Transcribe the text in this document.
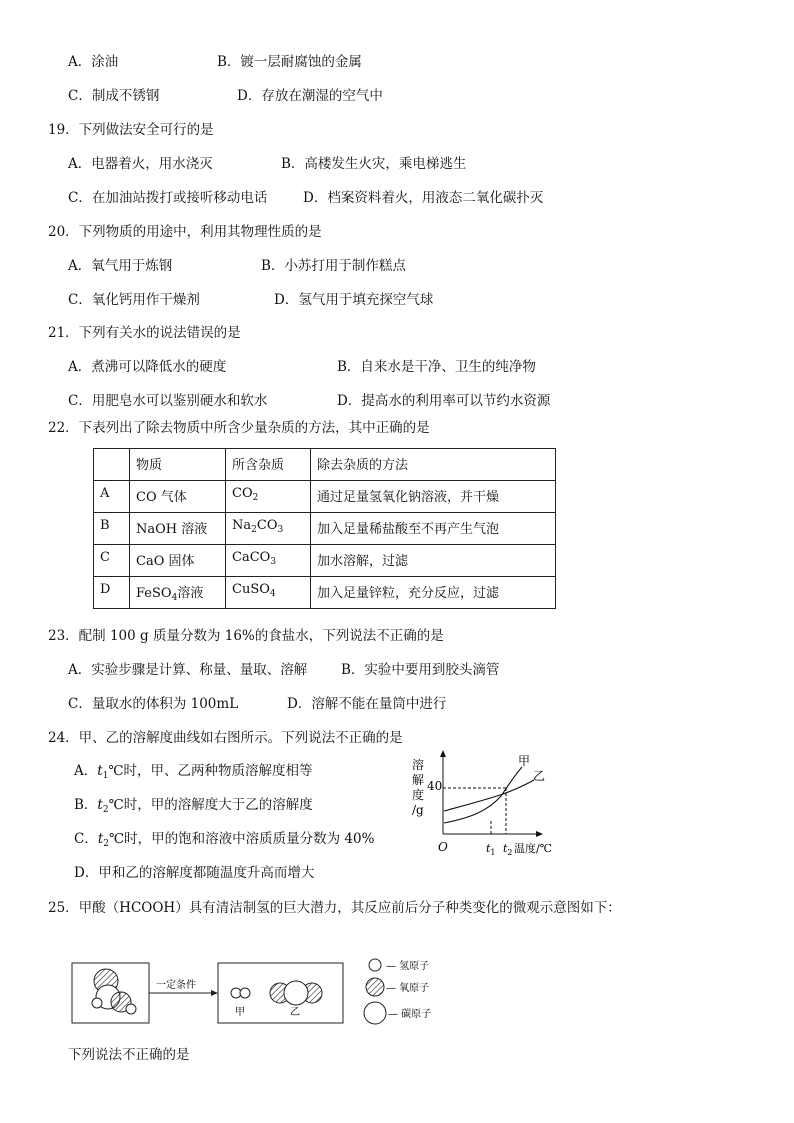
A．涂油	B．镀一层耐腐蚀的金属
C．制成不锈钢	D．存放在潮湿的空气中
19．下列做法安全可行的是
A．电器着火，用水浇灭	B．高楼发生火灾，乘电梯逃生
C．在加油站拨打或接听移动电话	D．档案资料着火，用液态二氧化碳扑灭
20．下列物质的用途中，利用其物理性质的是
A．氧气用于炼钢	B．小苏打用于制作糕点
C．氧化钙用作干燥剂	D．氢气用于填充探空气球
21．下列有关水的说法错误的是
A．煮沸可以降低水的硬度	B．自来水是干净、卫生的纯净物
C．用肥皂水可以鉴别硬水和软水	D．提高水的利用率可以节约水资源
22．下表列出了除去物质中所含少量杂质的方法，其中正确的是
	物质	所含杂质	除去杂质的方法
A	CO 气体	$CO_2$	通过足量氢氧化钠溶液，并干燥
B	NaOH 溶液	$Na_2CO_3$	加入足量稀盐酸至不再产生气泡
C	CaO 固体	CaCO$_3$	加水溶解，过滤
D	FeSO$_4$溶液	CuSO$_4$	加入足量锌粒，充分反应，过滤
23．配制 100 g 质量分数为 16%的食盐水，下列说法不正确的是
A．实验步骤是计算、称量、量取、溶解	B．实验中要用到胶头滴管
C．量取水的体积为 100mL	D．溶解不能在量筒中进行
24．甲、乙的溶解度曲线如右图所示。下列说法不正确的是
A．$t_1℃$时，甲、乙两种物质溶解度相等
B．$t_2℃$时，甲的溶解度大于乙的溶解度
C．$t_2℃$时，甲的饱和溶液中溶质质量分数为 40%
D．甲和乙的溶解度都随温度升高而增大
溶
解
度
/g
40
O
甲
乙
$t_1$ $t_2$ 温度/℃
25．甲酸（HCOOH）具有清洁制氢的巨大潜力，其反应前后分子种类变化的微观示意图如下：
一定条件
甲	乙
— 氢原子
— 氧原子
— 碳原子
下列说法不正确的是
